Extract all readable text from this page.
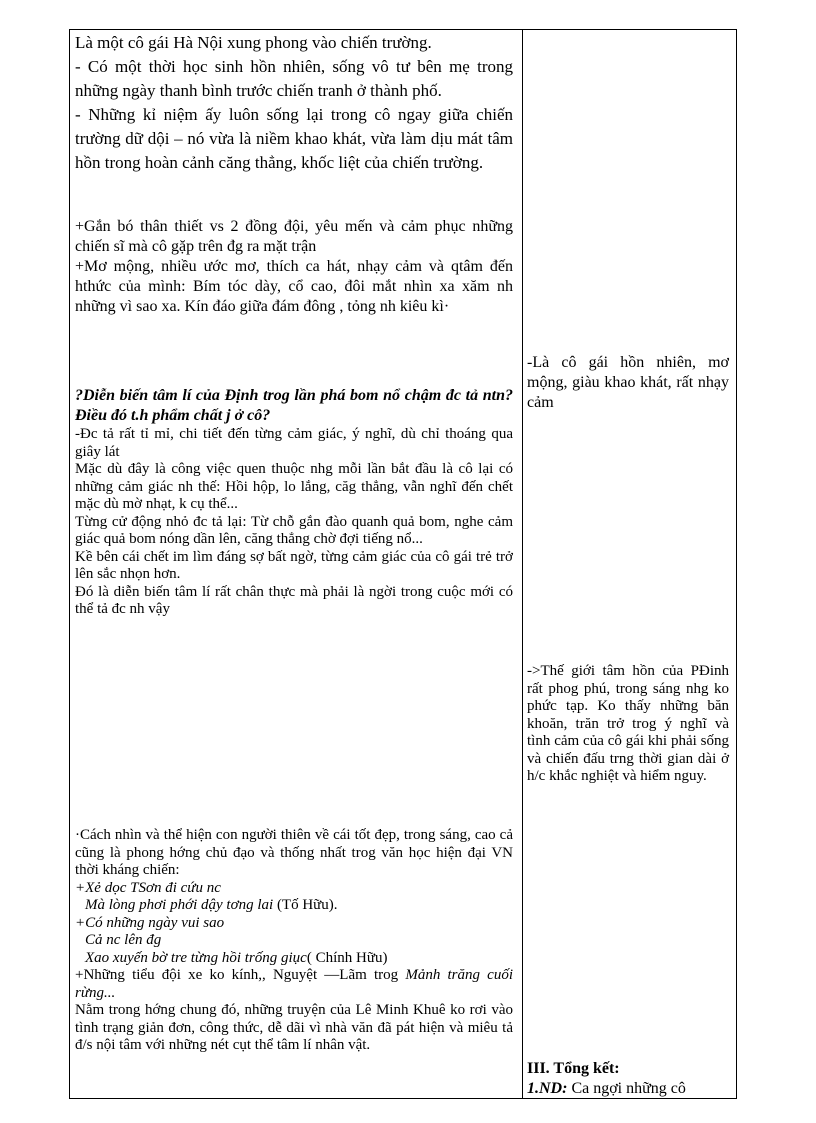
Là một cô gái Hà Nội xung phong vào chiến trường.

- Có một thời học sinh hồn nhiên, sống vô tư bên mẹ trong những ngày thanh bình trước chiến tranh ở thành phố.

- Những kỉ niệm ấy luôn sống lại trong cô ngay giữa chiến trường dữ dội – nó vừa là niềm khao khát, vừa làm dịu mát tâm hồn trong hoàn cảnh căng thẳng, khốc liệt của chiến trường.

+Gắn bó thân thiết vs 2 đồng đội, yêu mến và cảm phục những chiến sĩ mà cô gặp trên đg ra mặt trận

+Mơ mộng, nhiều ước mơ, thích ca hát, nhạy cảm và qtâm đến hthức của mình: Bím tóc dày, cổ cao, đôi mắt nhìn xa xăm nh những vì sao xa. Kín đáo giữa đám đông , tỏng nh kiêu kì·

?Diễn biến tâm lí của Định trog lần phá bom nổ chậm đc tả ntn? Điều đó t.h phẩm chất j ở cô?

-Đc tả rất tỉ mỉ, chi tiết đến từng cảm giác, ý nghĩ, dù chỉ thoáng qua giây lát

Mặc dù đây là công việc quen thuộc nhg mỗi lần bắt đầu là cô lại có những cảm giác nh thế: Hồi hộp, lo lắng, căg thẳng, vẫn nghĩ đến chết mặc dù mờ nhạt, k cụ thể...

Từng cử động nhỏ đc tả lại: Từ chỗ gắn đào quanh quả bom, nghe cảm giác quả bom nóng dần lên, căng thẳng chờ đợi tiếng nổ...

Kề bên cái chết im lìm đáng sợ bất ngờ, từng cảm giác của cô gái trẻ trở lên sắc nhọn hơn.

Đó là diễn biến tâm lí rất chân thực mà phải là ngời trong cuộc mới có thể tả đc nh vậy

·Cách nhìn và thể hiện con người thiên về cái tốt đẹp, trong sáng, cao cả cũng là phong hớng chủ đạo và thống nhất trog văn học hiện đại VN thời kháng chiến:

+Xẻ dọc TSơn đi cứu nc

Mà lòng phơi phới dậy tơng lai (Tố Hữu).

+Có những ngày vui sao

Cả nc lên đg

Xao xuyến bờ tre từng hồi trống giục( Chính Hữu)

+Những tiểu đội xe ko kính,, Nguyệt —Lãm trog Mảnh trăng cuối rừng...

Nằm trong hớng chung đó, những truyện của Lê Minh Khuê ko rơi vào tình trạng giản đơn, công thức, dễ dãi vì nhà văn đã pát hiện và miêu tả đ/s nội tâm với những nét cụt thể tâm lí nhân vật.

-Là cô gái hồn nhiên, mơ mộng, giàu khao khát, rất nhạy cảm

->Thế giới tâm hồn của PĐinh rất phog phú, trong sáng nhg ko phức tạp. Ko thấy những băn khoăn, trăn trở trog ý nghĩ và tình cảm của cô gái khi phải sống và chiến đấu trng thời gian dài ở h/c khắc nghiệt và hiểm nguy.

III. Tổng kết:

1.ND: Ca ngợi những cô
